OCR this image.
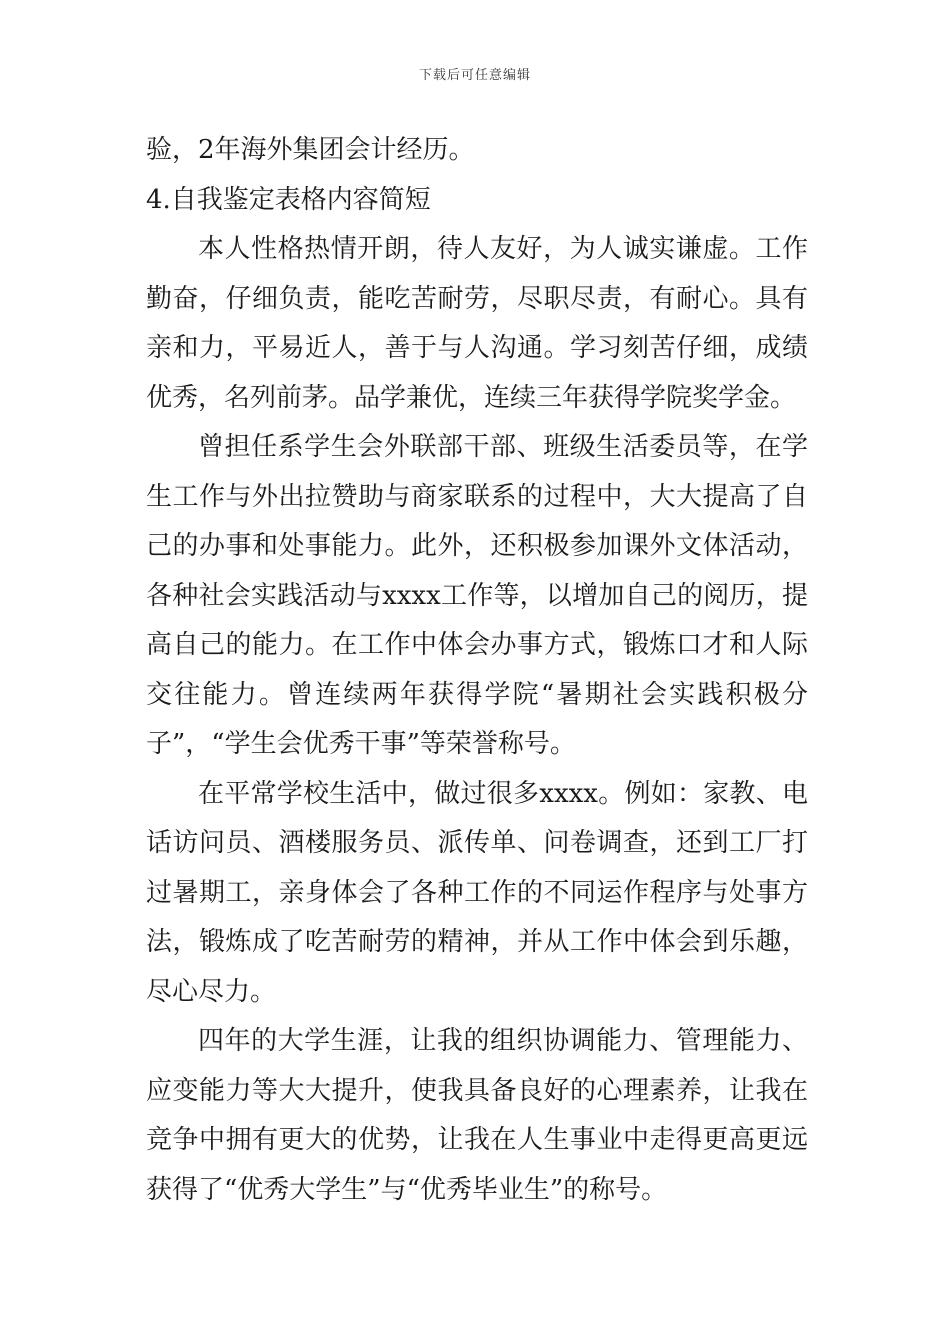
下载后可任意编辑
验，2年海外集团会计经历。
4.自我鉴定表格内容简短
本人性格热情开朗，待人友好，为人诚实谦虚。工作
勤奋，仔细负责，能吃苦耐劳，尽职尽责，有耐心。具有
亲和力，平易近人，善于与人沟通。学习刻苦仔细，成绩
优秀，名列前茅。品学兼优，连续三年获得学院奖学金。
曾担任系学生会外联部干部、班级生活委员等，在学
生工作与外出拉赞助与商家联系的过程中，大大提高了自
己的办事和处事能力。此外，还积极参加课外文体活动，
各种社会实践活动与xxxx工作等，以增加自己的阅历，提
高自己的能力。在工作中体会办事方式，锻炼口才和人际
交往能力。曾连续两年获得学院“暑期社会实践积极分
子”，“学生会优秀干事”等荣誉称号。
在平常学校生活中，做过很多xxxx。例如：家教、电
话访问员、酒楼服务员、派传单、问卷调查，还到工厂打
过暑期工，亲身体会了各种工作的不同运作程序与处事方
法，锻炼成了吃苦耐劳的精神，并从工作中体会到乐趣，
尽心尽力。
四年的大学生涯，让我的组织协调能力、管理能力、
应变能力等大大提升，使我具备良好的心理素养，让我在
竞争中拥有更大的优势，让我在人生事业中走得更高更远
获得了“优秀大学生”与“优秀毕业生”的称号。
